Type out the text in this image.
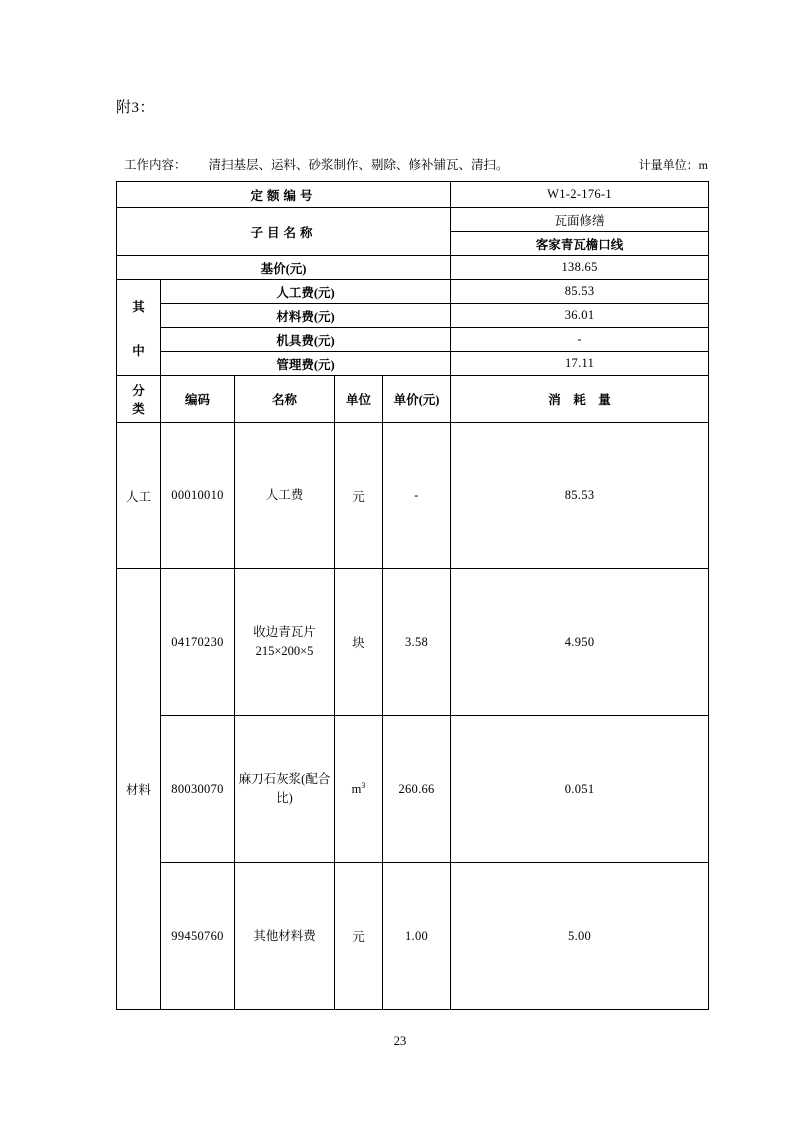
附3：
工作内容： 清扫基层、运料、砂浆制作、剔除、修补铺瓦、清扫。	计量单位：m
定额编号					W1-2-176-1
子目名称					瓦面修缮
					客家青瓦檐口线
基价(元)					138.65

其
中	人工费(元)				85.53
	材料费(元)				36.01
	机具费(元)				-
	管理费(元)				17.11

分
类	编码	名称	单位	单价(元)	消　耗　量
人工	00010010	人工费	元	-	85.53
材料	04170230	收边青瓦片 215×200×5	块	3.58	4.950
	80030070	麻刀石灰浆(配合比)	$m^3$	260.66	0.051
	99450760	其他材料费	元	1.00	5.00
23
